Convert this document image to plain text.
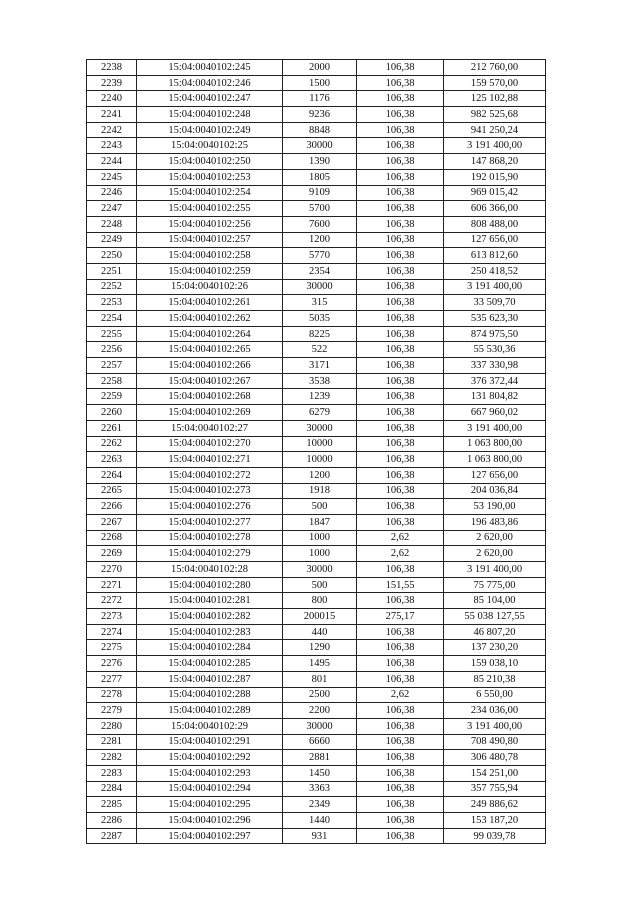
2238	15:04:0040102:245	2000	106,38	212 760,00
2239	15:04:0040102:246	1500	106,38	159 570,00
2240	15:04:0040102:247	1176	106,38	125 102,88
2241	15:04:0040102:248	9236	106,38	982 525,68
2242	15:04:0040102:249	8848	106,38	941 250,24
2243	15:04:0040102:25	30000	106,38	3 191 400,00
2244	15:04:0040102:250	1390	106,38	147 868,20
2245	15:04:0040102:253	1805	106,38	192 015,90
2246	15:04:0040102:254	9109	106,38	969 015,42
2247	15:04:0040102:255	5700	106,38	606 366,00
2248	15:04:0040102:256	7600	106,38	808 488,00
2249	15:04:0040102:257	1200	106,38	127 656,00
2250	15:04:0040102:258	5770	106,38	613 812,60
2251	15:04:0040102:259	2354	106,38	250 418,52
2252	15:04:0040102:26	30000	106,38	3 191 400,00
2253	15:04:0040102:261	315	106,38	33 509,70
2254	15:04:0040102:262	5035	106,38	535 623,30
2255	15:04:0040102:264	8225	106,38	874 975,50
2256	15:04:0040102:265	522	106,38	55 530,36
2257	15:04:0040102:266	3171	106,38	337 330,98
2258	15:04:0040102:267	3538	106,38	376 372,44
2259	15:04:0040102:268	1239	106,38	131 804,82
2260	15:04:0040102:269	6279	106,38	667 960,02
2261	15:04:0040102:27	30000	106,38	3 191 400,00
2262	15:04:0040102:270	10000	106,38	1 063 800,00
2263	15:04:0040102:271	10000	106,38	1 063 800,00
2264	15:04:0040102:272	1200	106,38	127 656,00
2265	15:04:0040102:273	1918	106,38	204 036,84
2266	15:04:0040102:276	500	106,38	53 190,00
2267	15:04:0040102:277	1847	106,38	196 483,86
2268	15:04:0040102:278	1000	2,62	2 620,00
2269	15:04:0040102:279	1000	2,62	2 620,00
2270	15:04:0040102:28	30000	106,38	3 191 400,00
2271	15:04:0040102:280	500	151,55	75 775,00
2272	15:04:0040102:281	800	106,38	85 104,00
2273	15:04:0040102:282	200015	275,17	55 038 127,55
2274	15:04:0040102:283	440	106,38	46 807,20
2275	15:04:0040102:284	1290	106,38	137 230,20
2276	15:04:0040102:285	1495	106,38	159 038,10
2277	15:04:0040102:287	801	106,38	85 210,38
2278	15:04:0040102:288	2500	2,62	6 550,00
2279	15:04:0040102:289	2200	106,38	234 036,00
2280	15:04:0040102:29	30000	106,38	3 191 400,00
2281	15:04:0040102:291	6660	106,38	708 490,80
2282	15:04:0040102:292	2881	106,38	306 480,78
2283	15:04:0040102:293	1450	106,38	154 251,00
2284	15:04:0040102:294	3363	106,38	357 755,94
2285	15:04:0040102:295	2349	106,38	249 886,62
2286	15:04:0040102:296	1440	106,38	153 187,20
2287	15:04:0040102:297	931	106,38	99 039,78
